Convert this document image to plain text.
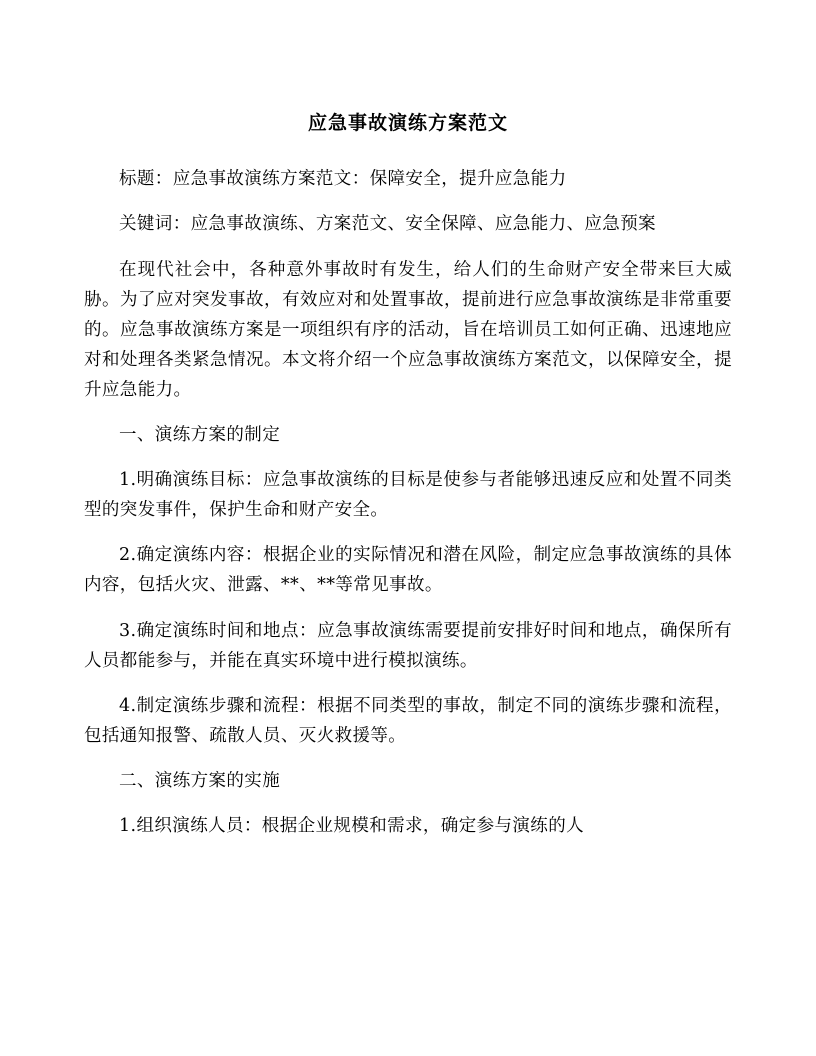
应急事故演练方案范文

标题：应急事故演练方案范文：保障安全，提升应急能力

关键词：应急事故演练、方案范文、安全保障、应急能力、应急预案

在现代社会中，各种意外事故时有发生，给人们的生命财产安全带来巨大威胁。为了应对突发事故，有效应对和处置事故，提前进行应急事故演练是非常重要的。应急事故演练方案是一项组织有序的活动，旨在培训员工如何正确、迅速地应对和处理各类紧急情况。本文将介绍一个应急事故演练方案范文，以保障安全，提升应急能力。

一、演练方案的制定

1.明确演练目标：应急事故演练的目标是使参与者能够迅速反应和处置不同类型的突发事件，保护生命和财产安全。

2.确定演练内容：根据企业的实际情况和潜在风险，制定应急事故演练的具体内容，包括火灾、泄露、**、**等常见事故。

3.确定演练时间和地点：应急事故演练需要提前安排好时间和地点，确保所有人员都能参与，并能在真实环境中进行模拟演练。

4.制定演练步骤和流程：根据不同类型的事故，制定不同的演练步骤和流程，包括通知报警、疏散人员、灭火救援等。

二、演练方案的实施

1.组织演练人员：根据企业规模和需求，确定参与演练的人
